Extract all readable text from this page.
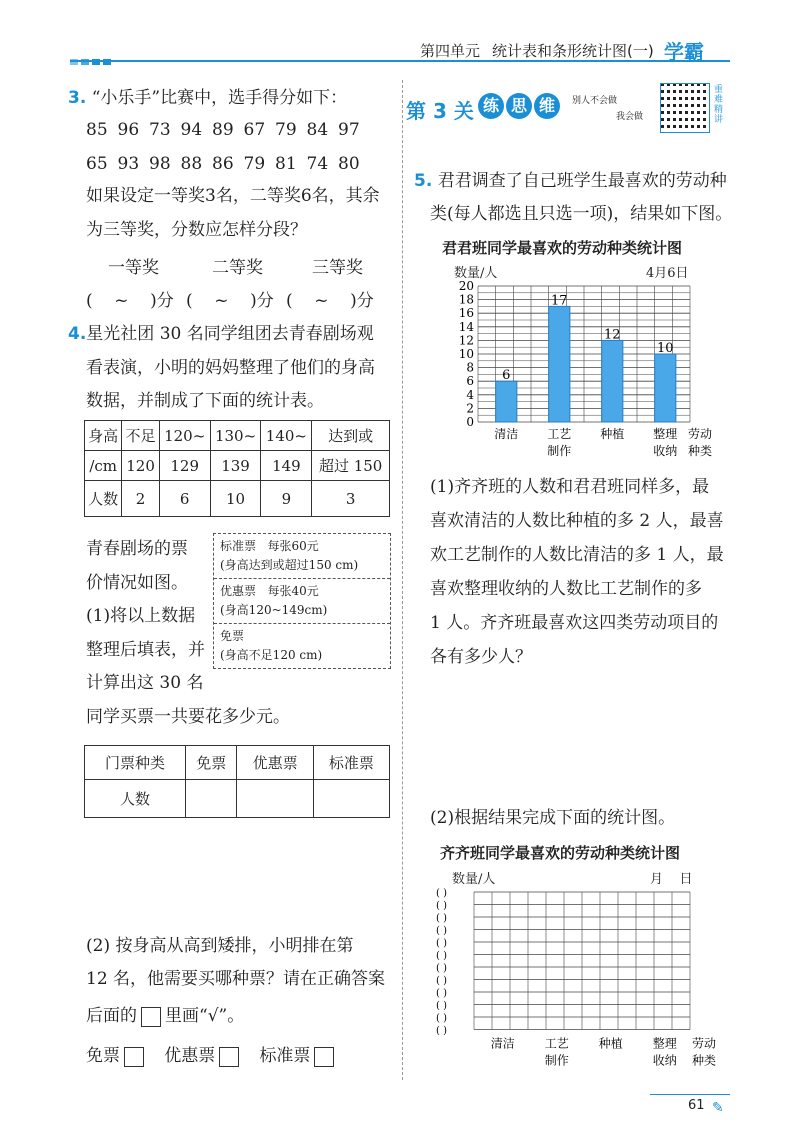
第四单元 统计表和条形统计图(一) 学霸
3. “小乐手”比赛中，选手得分如下：
85 96 73 94 89 67 79 84 97
65 93 98 88 86 79 81 74 80
如果设定一等奖3名，二等奖6名，其余
为三等奖，分数应怎样分段？
一等奖	二等奖	三等奖
(    ~    )分 (    ~    )分 (    ~    )分
4.星光社团 30 名同学组团去青春剧场观
看表演，小明的妈妈整理了他们的身高
数据，并制成了下面的统计表。
身高	不足	120~	130~	140~	达到或
/cm	120	129	139	149	超过 150
人数	2	6	10	9	3
青春剧场的票
价情况如图。
(1)将以上数据
整理后填表，并
计算出这 30 名
同学买票一共要花多少元。
标准票   每张60元
(身高达到或超过150 cm)
优惠票   每张40元
(身高120~149cm)
免票
(身高不足120 cm)
门票种类	免票	优惠票	标准票
人数			
(2) 按身高从高到矮排，小明排在第
12 名，他需要买哪种票？请在正确答案
后面的 里画“√”。
免票	优惠票	标准票
第 3 关 练 思 维	别人不会做
我会做
重难精讲
5. 君君调查了自己班学生最喜欢的劳动种
类(每人都选且只选一项)，结果如下图。
君君班同学最喜欢的劳动种类统计图
数量/人	4月6日
0
2
4
6
8
10
12
14
16
18
20
6
清洁
17
工艺
制作
12
种植
10
整理
收纳
劳动
种类
(1)齐齐班的人数和君君班同样多，最
喜欢清洁的人数比种植的多 2 人，最喜
欢工艺制作的人数比清洁的多 1 人，最
喜欢整理收纳的人数比工艺制作的多
1 人。齐齐班最喜欢这四类劳动项目的
各有多少人？
(2)根据结果完成下面的统计图。
齐齐班同学最喜欢的劳动种类统计图
数量/人	月    日
( )
( )
( )
( )
( )
( )
( )
( )
( )
( )
( )
( )
清洁 工艺
制作
种植 整理
收纳
劳动
种类
61 ✎
